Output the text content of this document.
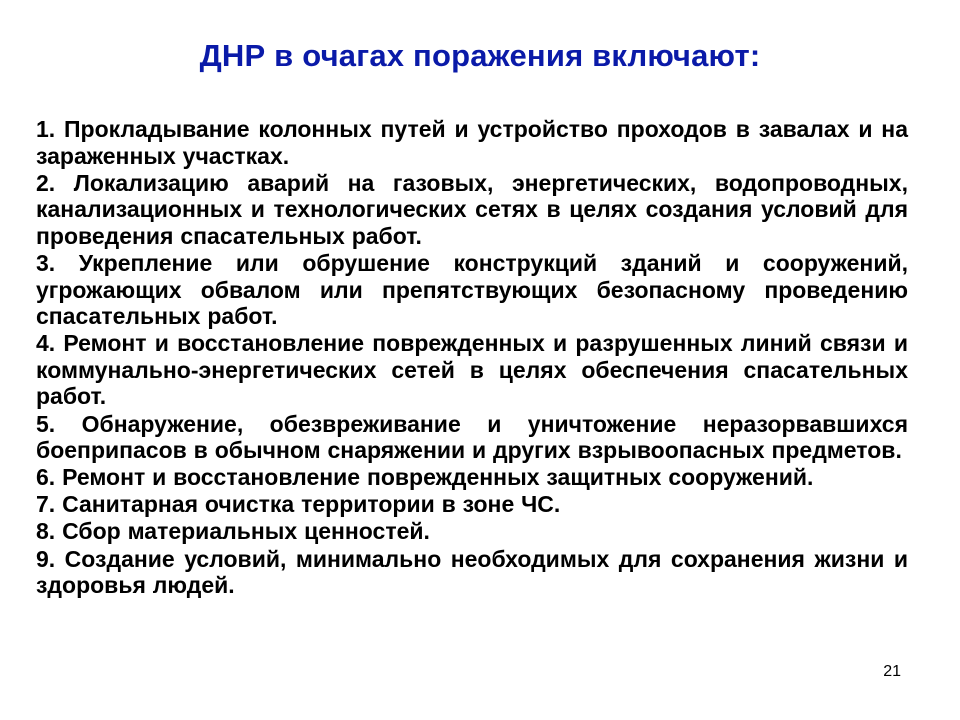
ДНР в очагах поражения включают:
1. Прокладывание колонных путей и устройство проходов в завалах и на зараженных участках.
2. Локализацию аварий на газовых, энергетических, водопроводных, канализационных и технологических сетях в целях создания условий для проведения спасательных работ.
3. Укрепление или обрушение конструкций зданий и сооружений, угрожающих обвалом или препятствующих безопасному проведению спасательных работ.
4. Ремонт и восстановление поврежденных и разрушенных линий связи и коммунально-энергетических сетей в целях обеспечения спасательных работ.
5. Обнаружение, обезвреживание и уничтожение неразорвавшихся боеприпасов в обычном снаряжении и других взрывоопасных предметов.
6. Ремонт и восстановление поврежденных защитных сооружений.
7. Санитарная очистка территории в зоне ЧС.
8. Сбор материальных ценностей.
9. Создание условий, минимально необходимых для сохранения жизни и здоровья людей.
21
